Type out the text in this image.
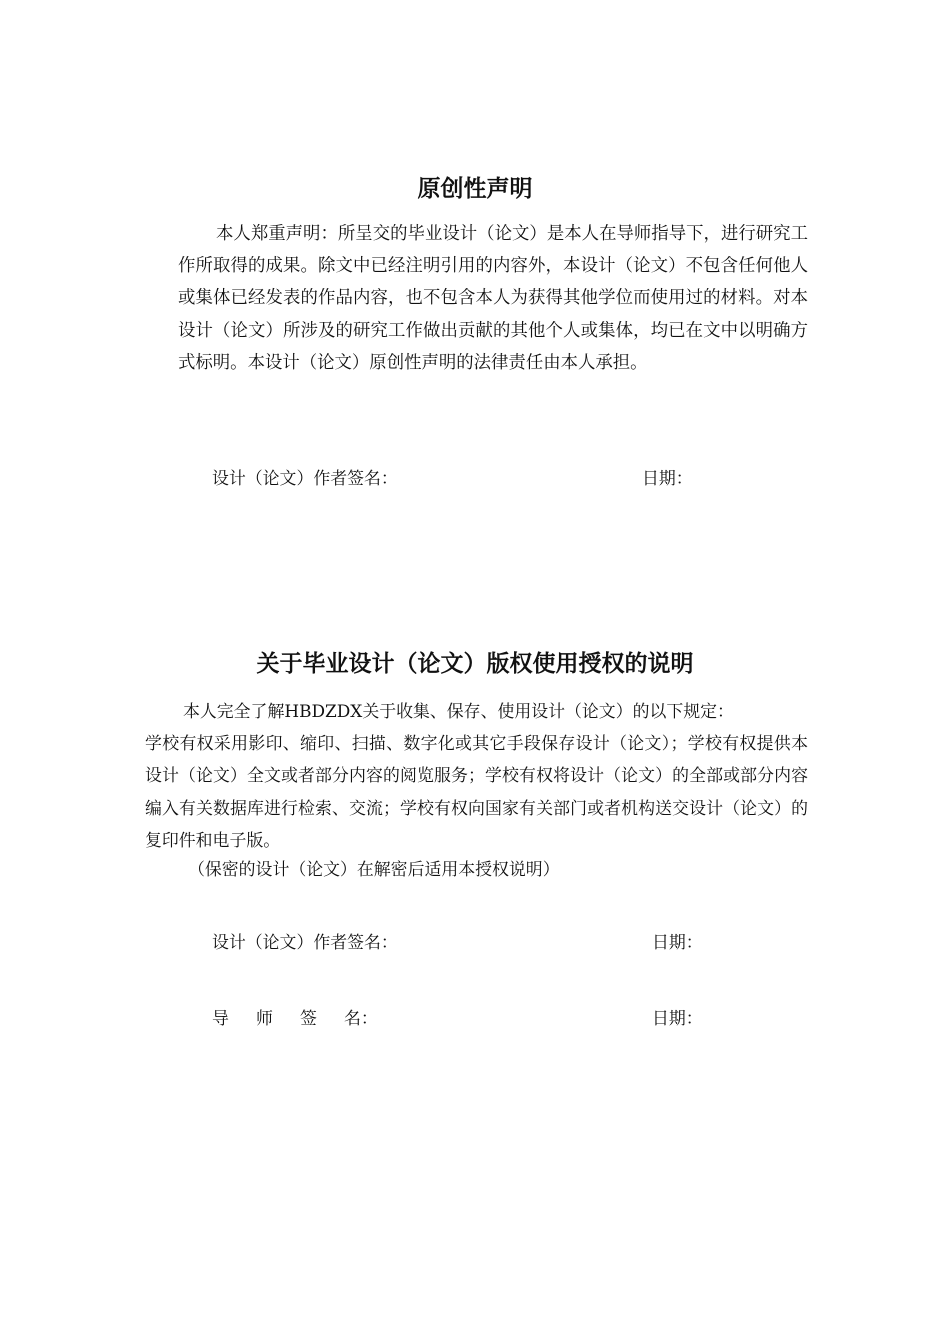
原创性声明
本人郑重声明：所呈交的毕业设计（论文）是本人在导师指导下，进行研究工作所取得的成果。除文中已经注明引用的内容外，本设计（论文）不包含任何他人或集体已经发表的作品内容，也不包含本人为获得其他学位而使用过的材料。对本设计（论文）所涉及的研究工作做出贡献的其他个人或集体，均已在文中以明确方式标明。本设计（论文）原创性声明的法律责任由本人承担。
设计（论文）作者签名：	日期：
关于毕业设计（论文）版权使用授权的说明
本人完全了解HBDZDX关于收集、保存、使用设计（论文）的以下规定：
学校有权采用影印、缩印、扫描、数字化或其它手段保存设计（论文）；学校有权提供本设计（论文）全文或者部分内容的阅览服务；学校有权将设计（论文）的全部或部分内容编入有关数据库进行检索、交流；学校有权向国家有关部门或者机构送交设计（论文）的复印件和电子版。
（保密的设计（论文）在解密后适用本授权说明）
设计（论文）作者签名：	日期：
导 师 签 名：	日期：
